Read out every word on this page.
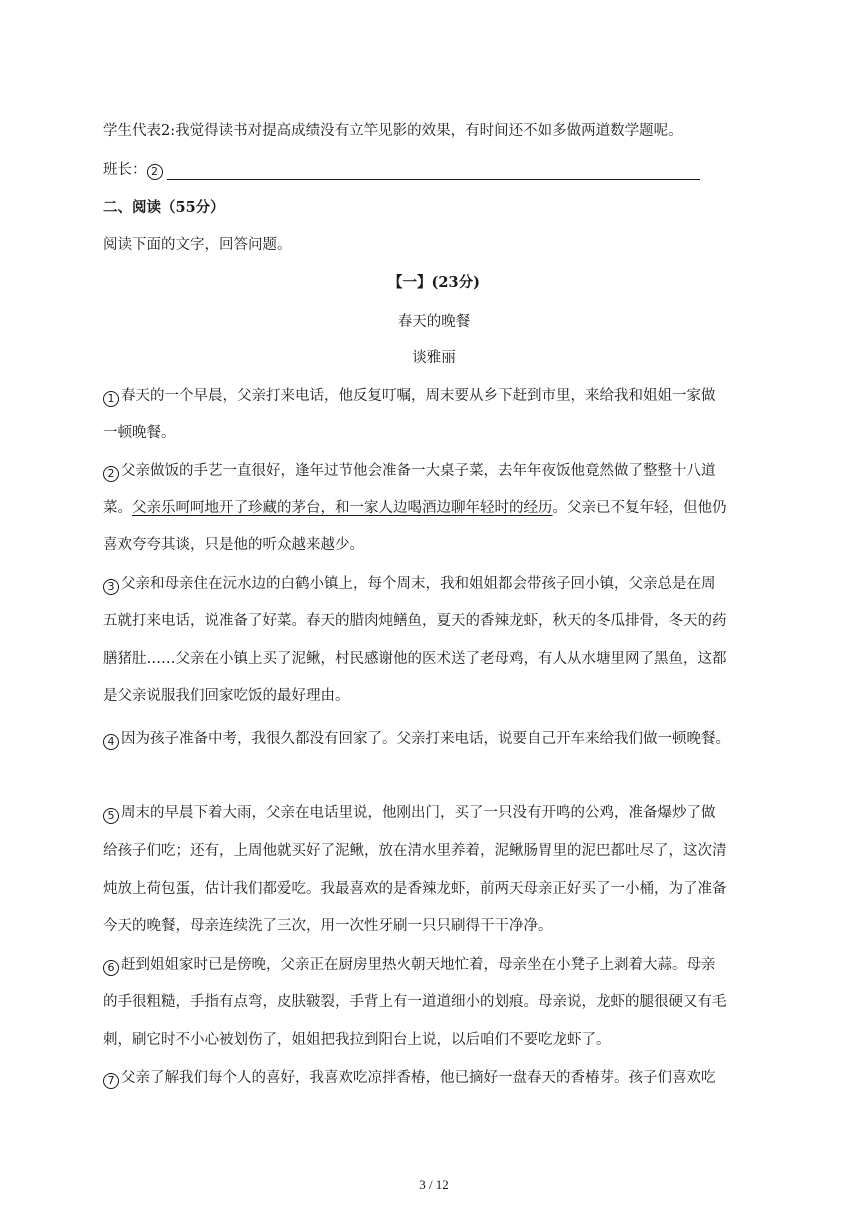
学生代表2:我觉得读书对提高成绩没有立竿见影的效果，有时间还不如多做两道数学题呢。
班长： 2
二、阅读（55分）
阅读下面的文字，回答问题。
【一】(23分)
春天的晚餐
谈雅丽
1 春天的一个早晨，父亲打来电话，他反复叮嘱，周末要从乡下赶到市里，来给我和姐姐一家做
一顿晚餐。
2 父亲做饭的手艺一直很好，逢年过节他会准备一大桌子菜，去年年夜饭他竟然做了整整十八道
菜。父亲乐呵呵地开了珍藏的茅台，和一家人边喝酒边聊年轻时的经历。父亲已不复年轻，但他仍
喜欢夸夸其谈，只是他的听众越来越少。
3 父亲和母亲住在沅水边的白鹤小镇上，每个周末，我和姐姐都会带孩子回小镇，父亲总是在周
五就打来电话，说准备了好菜。春天的腊肉炖鳝鱼，夏天的香辣龙虾，秋天的冬瓜排骨，冬天的药
膳猪肚……父亲在小镇上买了泥鳅，村民感谢他的医术送了老母鸡，有人从水塘里网了黑鱼，这都
是父亲说服我们回家吃饭的最好理由。
4 因为孩子准备中考，我很久都没有回家了。父亲打来电话，说要自己开车来给我们做一顿晚餐。
5 周末的早晨下着大雨，父亲在电话里说，他刚出门，买了一只没有开鸣的公鸡，准备爆炒了做
给孩子们吃；还有，上周他就买好了泥鳅，放在清水里养着，泥鳅肠胃里的泥巴都吐尽了，这次清
炖放上荷包蛋，估计我们都爱吃。我最喜欢的是香辣龙虾，前两天母亲正好买了一小桶，为了准备
今天的晚餐，母亲连续洗了三次，用一次性牙刷一只只刷得干干净净。
6 赶到姐姐家时已是傍晚，父亲正在厨房里热火朝天地忙着，母亲坐在小凳子上剥着大蒜。母亲
的手很粗糙，手指有点弯，皮肤皲裂，手背上有一道道细小的划痕。母亲说，龙虾的腿很硬又有毛
刺，刷它时不小心被划伤了，姐姐把我拉到阳台上说，以后咱们不要吃龙虾了。
7 父亲了解我们每个人的喜好，我喜欢吃凉拌香椿，他已摘好一盘春天的香椿芽。孩子们喜欢吃
3 / 12
